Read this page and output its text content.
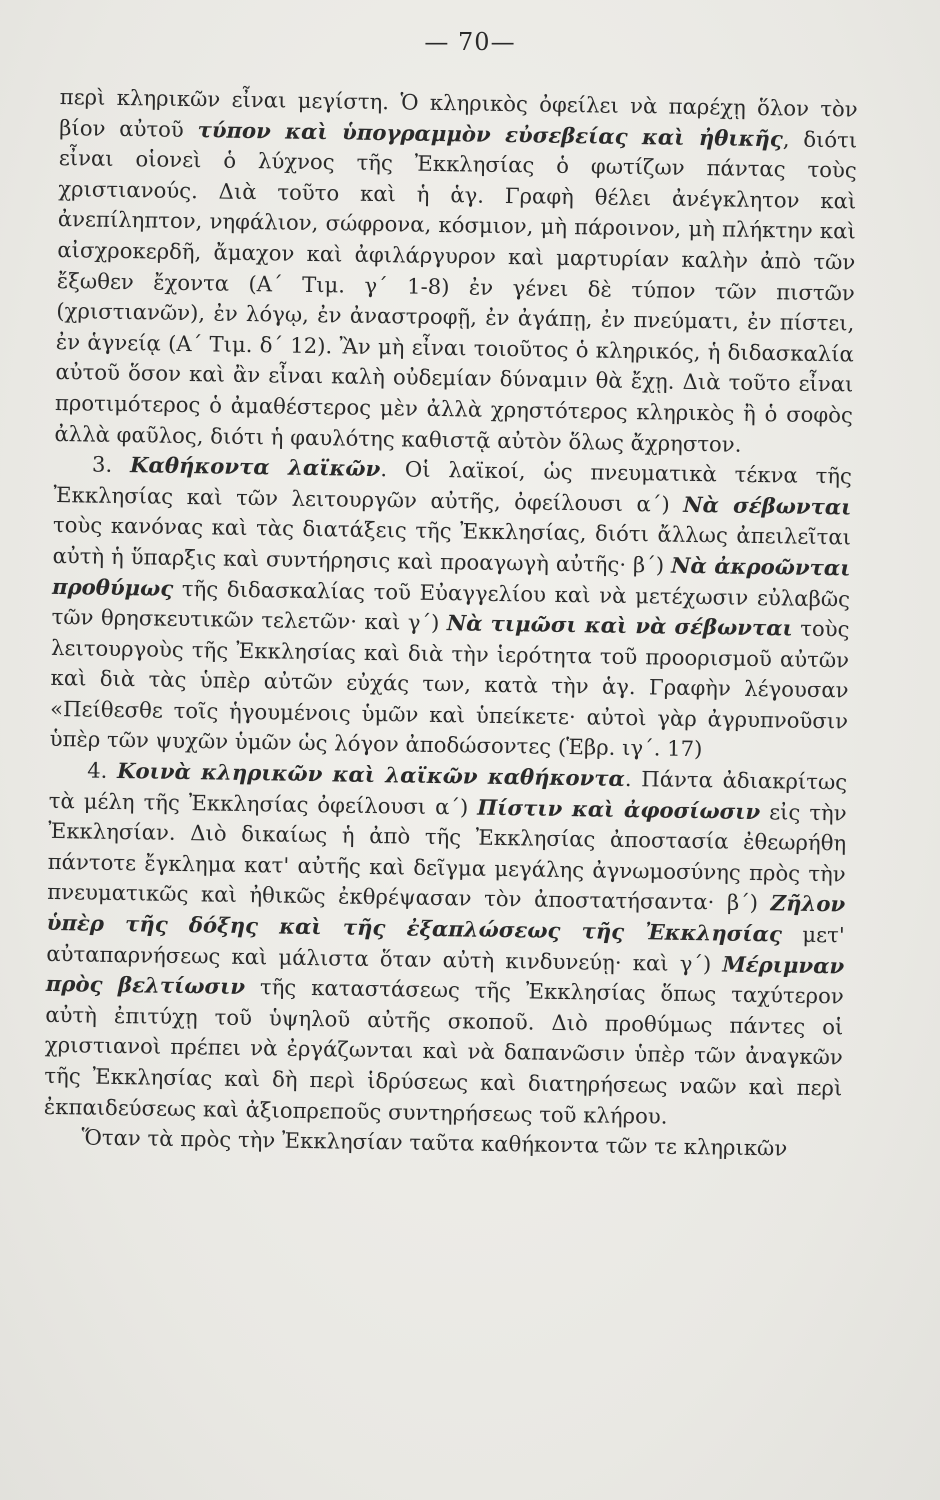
— 70—

περὶ κληρικῶν εἶναι μεγίστη. Ὁ κληρικὸς ὀφείλει νὰ παρέχῃ ὅλον τὸν βίον αὐτοῦ τύπον καὶ ὑπογραμμὸν εὐσεβείας καὶ ἠθικῆς, διότι εἶναι οἱονεὶ ὁ λύχνος τῆς Ἐκκλησίας ὁ φωτίζων πάντας τοὺς χριστιανούς. Διὰ τοῦτο καὶ ἡ ἁγ. Γραφὴ θέλει ἀνέγκλητον καὶ ἀνεπίληπτον, νηφάλιον, σώφρονα, κόσμιον, μὴ πάροινον, μὴ πλήκτην καὶ αἰσχροκερδῆ, ἄμαχον καὶ ἀφιλάργυρον καὶ μαρτυρίαν καλὴν ἀπὸ τῶν ἔξωθεν ἔχοντα (Α΄ Τιμ. γ΄ 1-8) ἐν γένει δὲ τύπον τῶν πιστῶν (χριστιανῶν), ἐν λόγῳ, ἐν ἀναστροφῇ, ἐν ἀγάπῃ, ἐν πνεύματι, ἐν πίστει, ἐν ἁγνείᾳ (Α΄ Τιμ. δ΄ 12). Ἂν μὴ εἶναι τοιοῦτος ὁ κληρικός, ἡ διδασκαλία αὐτοῦ ὅσον καὶ ἂν εἶναι καλὴ οὐδεμίαν δύναμιν θὰ ἔχῃ. Διὰ τοῦτο εἶναι προτιμότερος ὁ ἀμαθέστερος μὲν ἀλλὰ χρηστότερος κληρικὸς ἢ ὁ σοφὸς ἀλλὰ φαῦλος, διότι ἡ φαυλότης καθιστᾷ αὐτὸν ὅλως ἄχρηστον.

3. Καθήκοντα λαϊκῶν. Οἱ λαϊκοί, ὡς πνευματικὰ τέκνα τῆς Ἐκκλησίας καὶ τῶν λειτουργῶν αὐτῆς, ὀφείλουσι α΄) Νὰ σέβωνται τοὺς κανόνας καὶ τὰς διατάξεις τῆς Ἐκκλησίας, διότι ἄλλως ἀπειλεῖται αὐτὴ ἡ ὕπαρξις καὶ συντήρησις καὶ προαγωγὴ αὐτῆς· β΄) Νὰ ἀκροῶνται προθύμως τῆς διδασκαλίας τοῦ Εὐαγγελίου καὶ νὰ μετέχωσιν εὐλαβῶς τῶν θρησκευτικῶν τελετῶν· καὶ γ΄) Νὰ τιμῶσι καὶ νὰ σέβωνται τοὺς λειτουργοὺς τῆς Ἐκκλησίας καὶ διὰ τὴν ἱερότητα τοῦ προορισμοῦ αὐτῶν καὶ διὰ τὰς ὑπὲρ αὐτῶν εὐχάς των, κατὰ τὴν ἁγ. Γραφὴν λέγουσαν «Πείθεσθε τοῖς ἡγουμένοις ὑμῶν καὶ ὑπείκετε· αὐτοὶ γὰρ ἀγρυπνοῦσιν ὑπὲρ τῶν ψυχῶν ὑμῶν ὡς λόγον ἀποδώσοντες (Ἑβρ. ιγ΄. 17)

4. Κοινὰ κληρικῶν καὶ λαϊκῶν καθήκοντα. Πάντα ἀδιακρίτως τὰ μέλη τῆς Ἐκκλησίας ὀφείλουσι α΄) Πίστιν καὶ ἀφοσίωσιν εἰς τὴν Ἐκκλησίαν. Διὸ δικαίως ἡ ἀπὸ τῆς Ἐκκλησίας ἀποστασία ἐθεωρήθη πάντοτε ἔγκλημα κατ' αὐτῆς καὶ δεῖγμα μεγάλης ἀγνωμοσύνης πρὸς τὴν πνευματικῶς καὶ ἠθικῶς ἐκθρέψασαν τὸν ἀποστατήσαντα· β΄) Ζῆλον ὑπὲρ τῆς δόξης καὶ τῆς ἐξαπλώσεως τῆς Ἐκκλησίας μετ' αὐταπαρνήσεως καὶ μάλιστα ὅταν αὐτὴ κινδυνεύῃ· καὶ γ΄) Μέριμναν πρὸς βελτίωσιν τῆς καταστάσεως τῆς Ἐκκλησίας ὅπως ταχύτερον αὐτὴ ἐπιτύχῃ τοῦ ὑψηλοῦ αὐτῆς σκοποῦ. Διὸ προθύμως πάντες οἱ χριστιανοὶ πρέπει νὰ ἐργάζωνται καὶ νὰ δαπανῶσιν ὑπὲρ τῶν ἀναγκῶν τῆς Ἐκκλησίας καὶ δὴ περὶ ἱδρύσεως καὶ διατηρήσεως ναῶν καὶ περὶ ἐκπαιδεύσεως καὶ ἀξιοπρεποῦς συντηρήσεως τοῦ κλήρου.

Ὅταν τὰ πρὸς τὴν Ἐκκλησίαν ταῦτα καθήκοντα τῶν τε κληρικῶν
